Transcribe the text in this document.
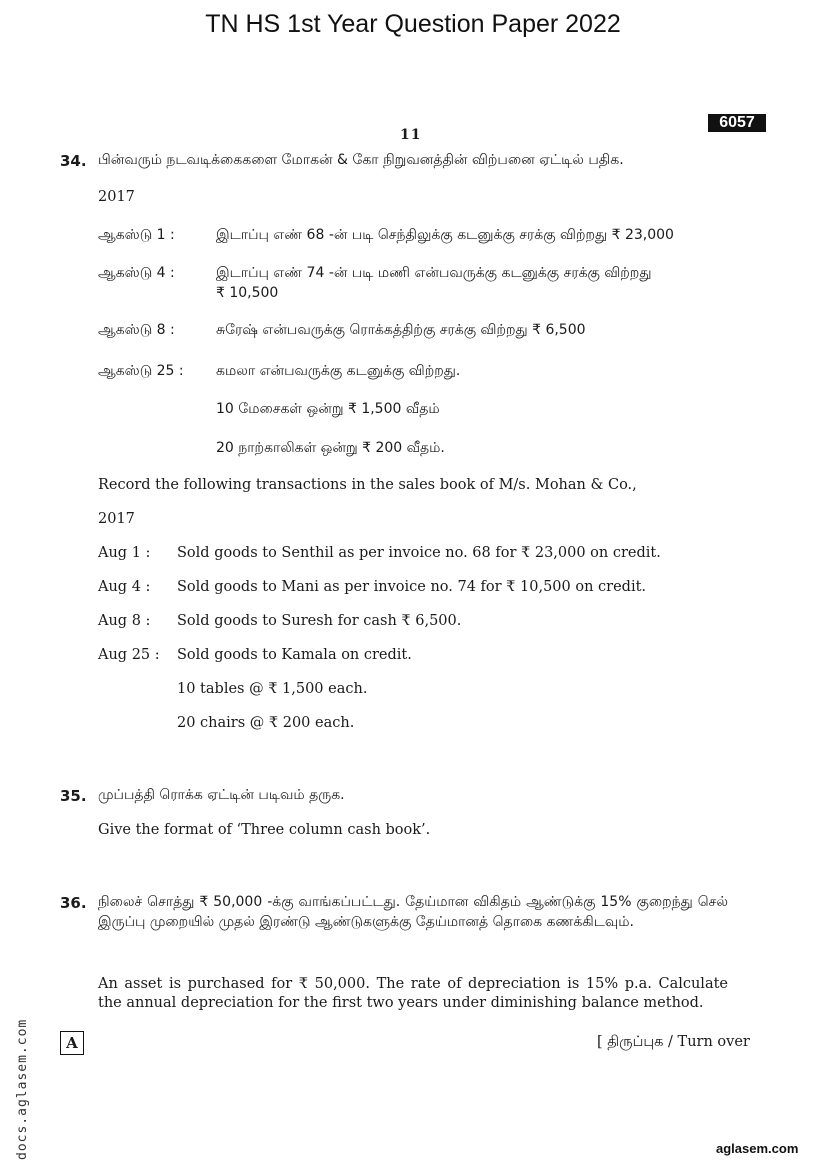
TN HS 1st Year Question Paper 2022
11
6057
34. பின்வரும் நடவடிக்கைகளை மோகன் & கோ நிறுவனத்தின் விற்பனை ஏட்டில் பதிக.
2017
ஆகஸ்டு 1 :	இடாப்பு எண் 68 -ன் படி செந்திலுக்கு கடனுக்கு சரக்கு விற்றது ₹ 23,000
ஆகஸ்டு 4 :	இடாப்பு எண் 74 -ன் படி மணி என்பவருக்கு கடனுக்கு சரக்கு விற்றது
₹ 10,500
ஆகஸ்டு 8 :	சுரேஷ் என்பவருக்கு ரொக்கத்திற்கு சரக்கு விற்றது ₹ 6,500
ஆகஸ்டு 25 : கமலா என்பவருக்கு கடனுக்கு விற்றது.
10 மேசைகள் ஒன்று ₹ 1,500 வீதம்
20 நாற்காலிகள் ஒன்று ₹ 200 வீதம்.
Record the following transactions in the sales book of M/s. Mohan & Co.,
2017
Aug 1 : Sold goods to Senthil as per invoice no. 68 for ₹ 23,000 on credit.
Aug 4 : Sold goods to Mani as per invoice no. 74 for ₹ 10,500 on credit.
Aug 8 : Sold goods to Suresh for cash ₹ 6,500.
Aug 25 : Sold goods to Kamala on credit.
10 tables @ ₹ 1,500 each.
20 chairs @ ₹ 200 each.
35. முப்பத்தி ரொக்க ஏட்டின் படிவம் தருக.
Give the format of ‘Three column cash book’.
36. நிலைச் சொத்து ₹ 50,000 -க்கு வாங்கப்பட்டது. தேய்மான விகிதம் ஆண்டுக்கு 15% குறைந்து செல் இருப்பு முறையில் முதல் இரண்டு ஆண்டுகளுக்கு தேய்மானத் தொகை கணக்கிடவும்.
An asset is purchased for ₹ 50,000. The rate of depreciation is 15% p.a. Calculate the annual depreciation for the first two years under diminishing balance method.
A	[ திருப்புக / Turn over
docs.aglasem.com	aglasem.com
